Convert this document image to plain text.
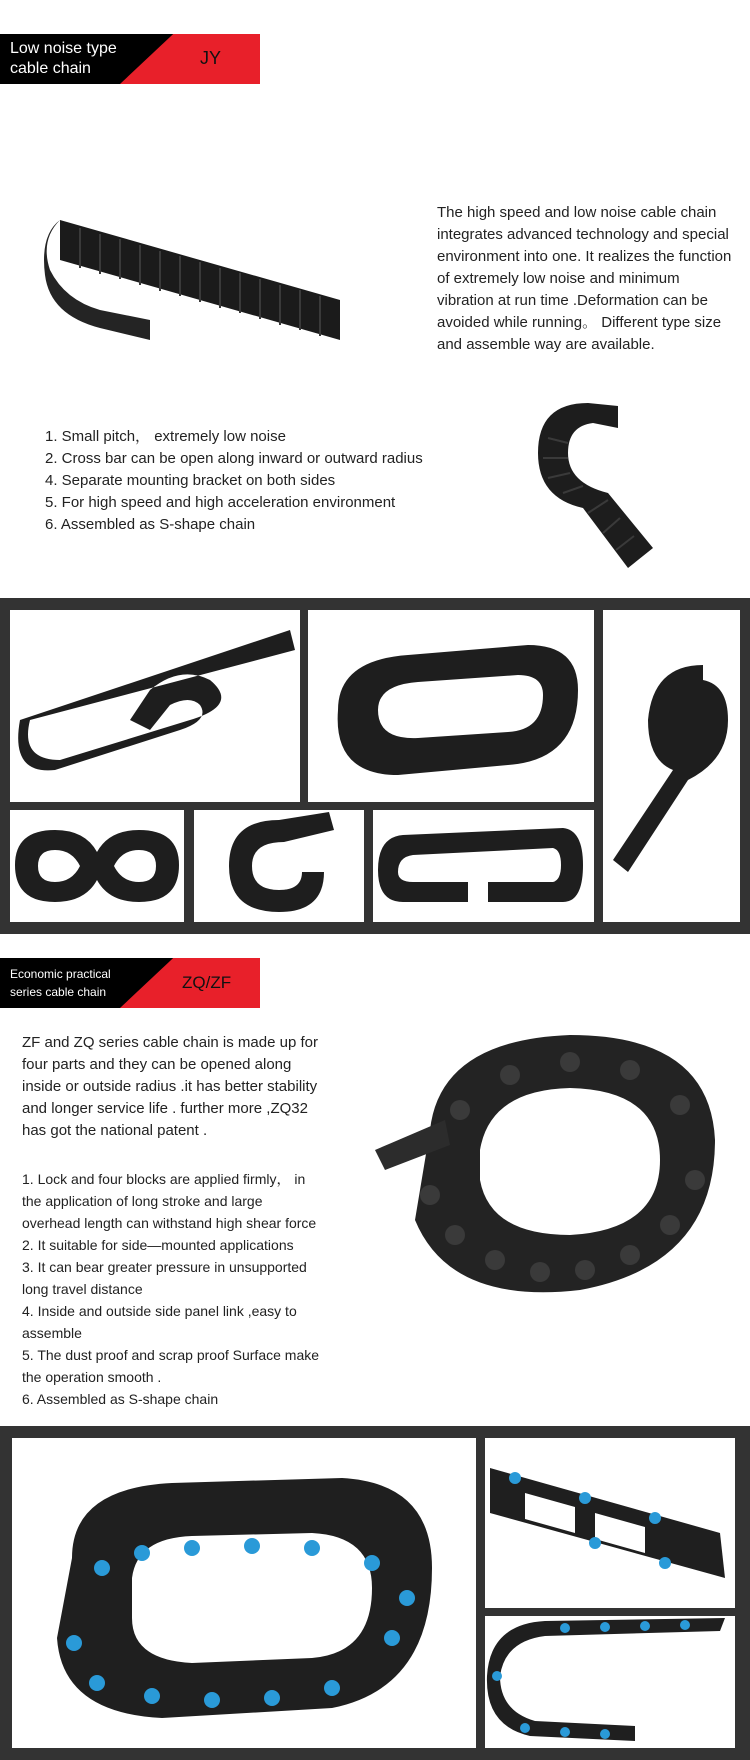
Low noise type
cable chain
JY
The high speed and low noise cable chain integrates advanced technology and special environment into one. It realizes the function of extremely low noise and minimum vibration at run time .Deformation can be avoided while running。 Different type size and assemble way are available.
1. Small pitch， extremely low noise
2. Cross bar can be open along inward or outward radius
4. Separate mounting bracket on both sides
5. For high speed and high acceleration environment
6. Assembled as S-shape chain
Economic practical
series cable chain	ZQ/ZF
ZF and ZQ series cable chain is made up for four parts and they can be opened along inside or outside radius .it has better stability and longer service life . further more ,ZQ32 has got the national patent .
1. Lock and four blocks are applied firmly， in the application of long stroke and large overhead length can withstand high shear force
2. It suitable for side—mounted applications
3. It can bear greater pressure in unsupported long travel distance
4. Inside and outside side panel link ,easy to assemble
5. The dust proof and scrap proof Surface make the operation smooth .
6. Assembled as S-shape chain
